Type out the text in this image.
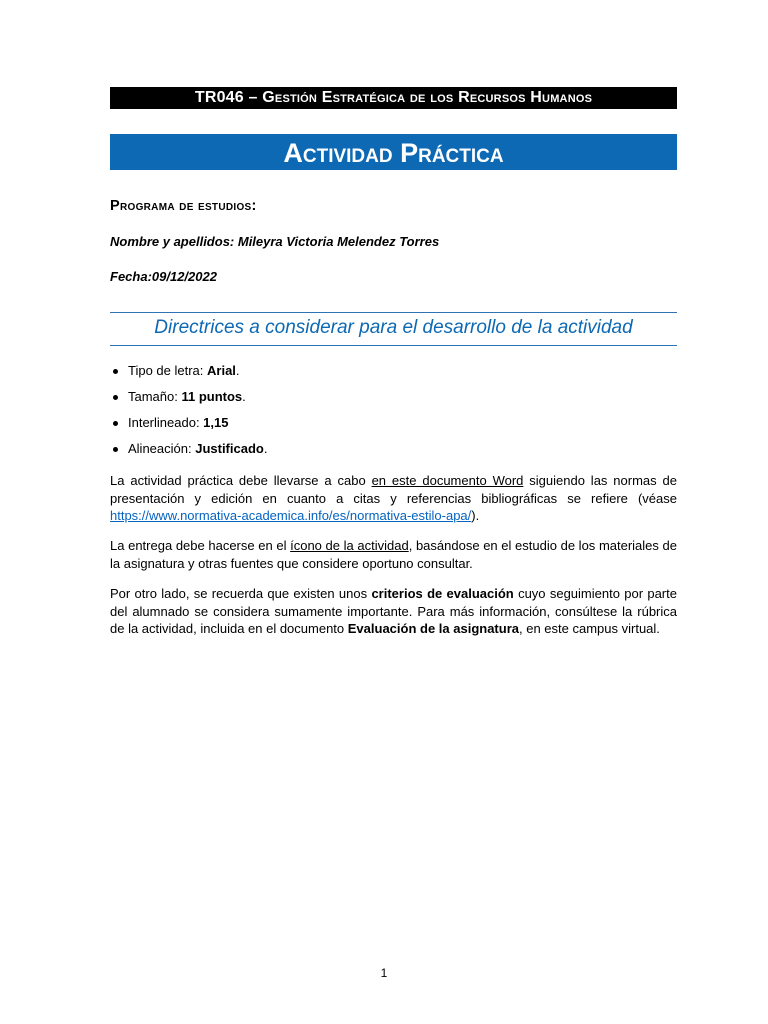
TR046 – Gestión Estratégica de los Recursos Humanos
Actividad Práctica
Programa de estudios:
Nombre y apellidos: Mileyra Victoria Melendez Torres
Fecha:09/12/2022
Directrices a considerar para el desarrollo de la actividad
Tipo de letra: Arial.
Tamaño: 11 puntos.
Interlineado: 1,15
Alineación: Justificado.

La actividad práctica debe llevarse a cabo en este documento Word siguiendo las normas de presentación y edición en cuanto a citas y referencias bibliográficas se refiere (véase https://www.normativa-academica.info/es/normativa-estilo-apa/).

La entrega debe hacerse en el ícono de la actividad, basándose en el estudio de los materiales de la asignatura y otras fuentes que considere oportuno consultar.

Por otro lado, se recuerda que existen unos criterios de evaluación cuyo seguimiento por parte del alumnado se considera sumamente importante. Para más información, consúltese la rúbrica de la actividad, incluida en el documento Evaluación de la asignatura, en este campus virtual.

1
